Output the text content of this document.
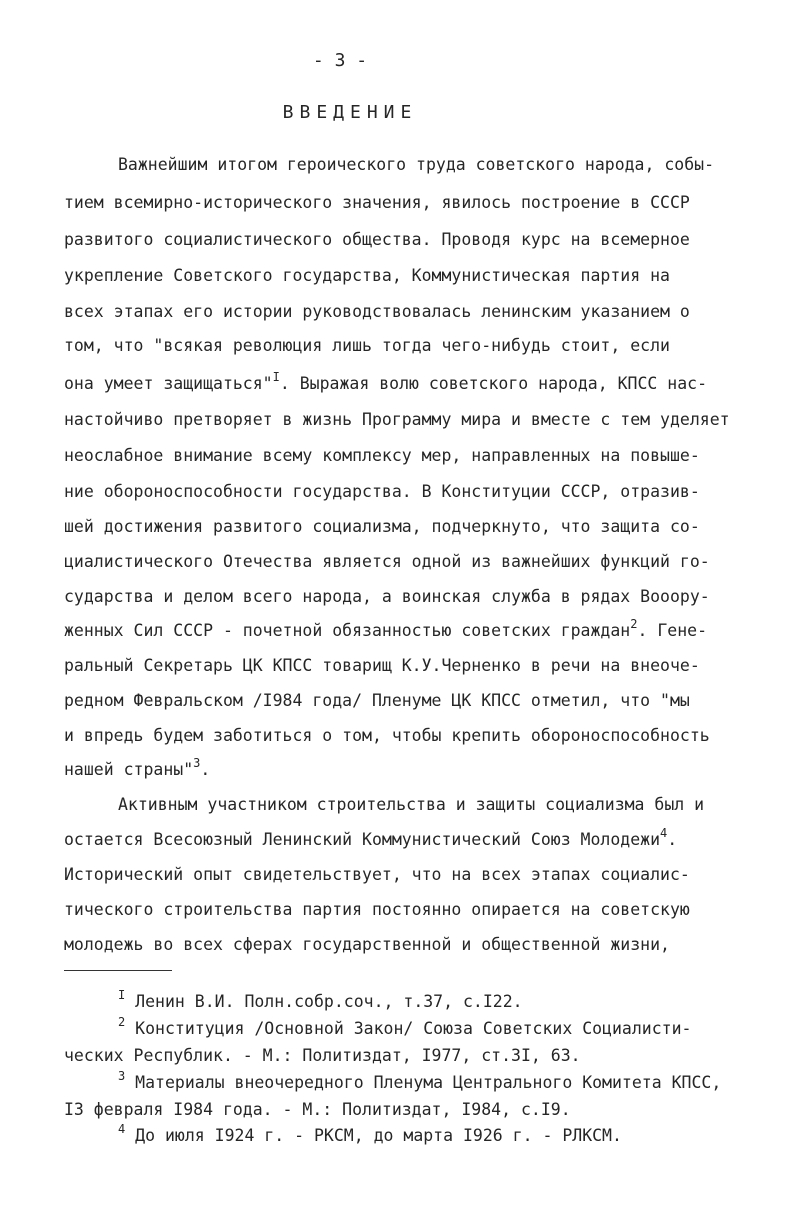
- 3 -
ВВЕДЕНИЕ
Важнейшим итогом героического труда советского народа, собы-
тием всемирно-исторического значения, явилось построение в СССР
развитого социалистического общества. Проводя курс на всемерное
укрепление Советского государства, Коммунистическая партия на
всех этапах его истории руководствовалась ленинским указанием о
том, что "всякая революция лишь тогда чего-нибудь стоит, если
она умеет защищаться"$^I$. Выражая волю советского народа, КПСС нас-
настойчиво претворяет в жизнь Программу мира и вместе с тем уделяет
неослабное внимание всему комплексу мер, направленных на повыше-
ние обороноспособности государства. В Конституции СССР, отразив-
шей достижения развитого социализма, подчеркнуто, что защита со-
циалистического Отечества является одной из важнейших функций го-
сударства и делом всего народа, а воинская служба в рядах Вооору-
женных Сил СССР - почетной обязанностью советских граждан$^2$. Гене-
ральный Секретарь ЦК КПСС товарищ К.У.Черненко в речи на внеоче-
редном Февральском /I984 года/ Пленуме ЦК КПСС отметил, что "мы
и впредь будем заботиться о том, чтобы крепить обороноспособность
нашей страны"$^3$.
Активным участником строительства и защиты социализма был и
остается Всесоюзный Ленинский Коммунистический Союз Молодежи$^4$.
Исторический опыт свидетельствует, что на всех этапах социалис-
тического строительства партия постоянно опирается на советскую
молодежь во всех сферах государственной и общественной жизни,
$^I$ Ленин В.И. Полн.собр.соч., т.37, с.I22.
$^2$ Конституция /Основной Закон/ Союза Советских Социалисти-
ческих Республик. - М.: Политиздат, I977, ст.3I, 63.
$^3$ Материалы внеочередного Пленума Центрального Комитета КПСС,
I3 февраля I984 года. - М.: Политиздат, I984, с.I9.
$^4$ До июля I924 г. - РКСМ, до марта I926 г. - РЛКСМ.
